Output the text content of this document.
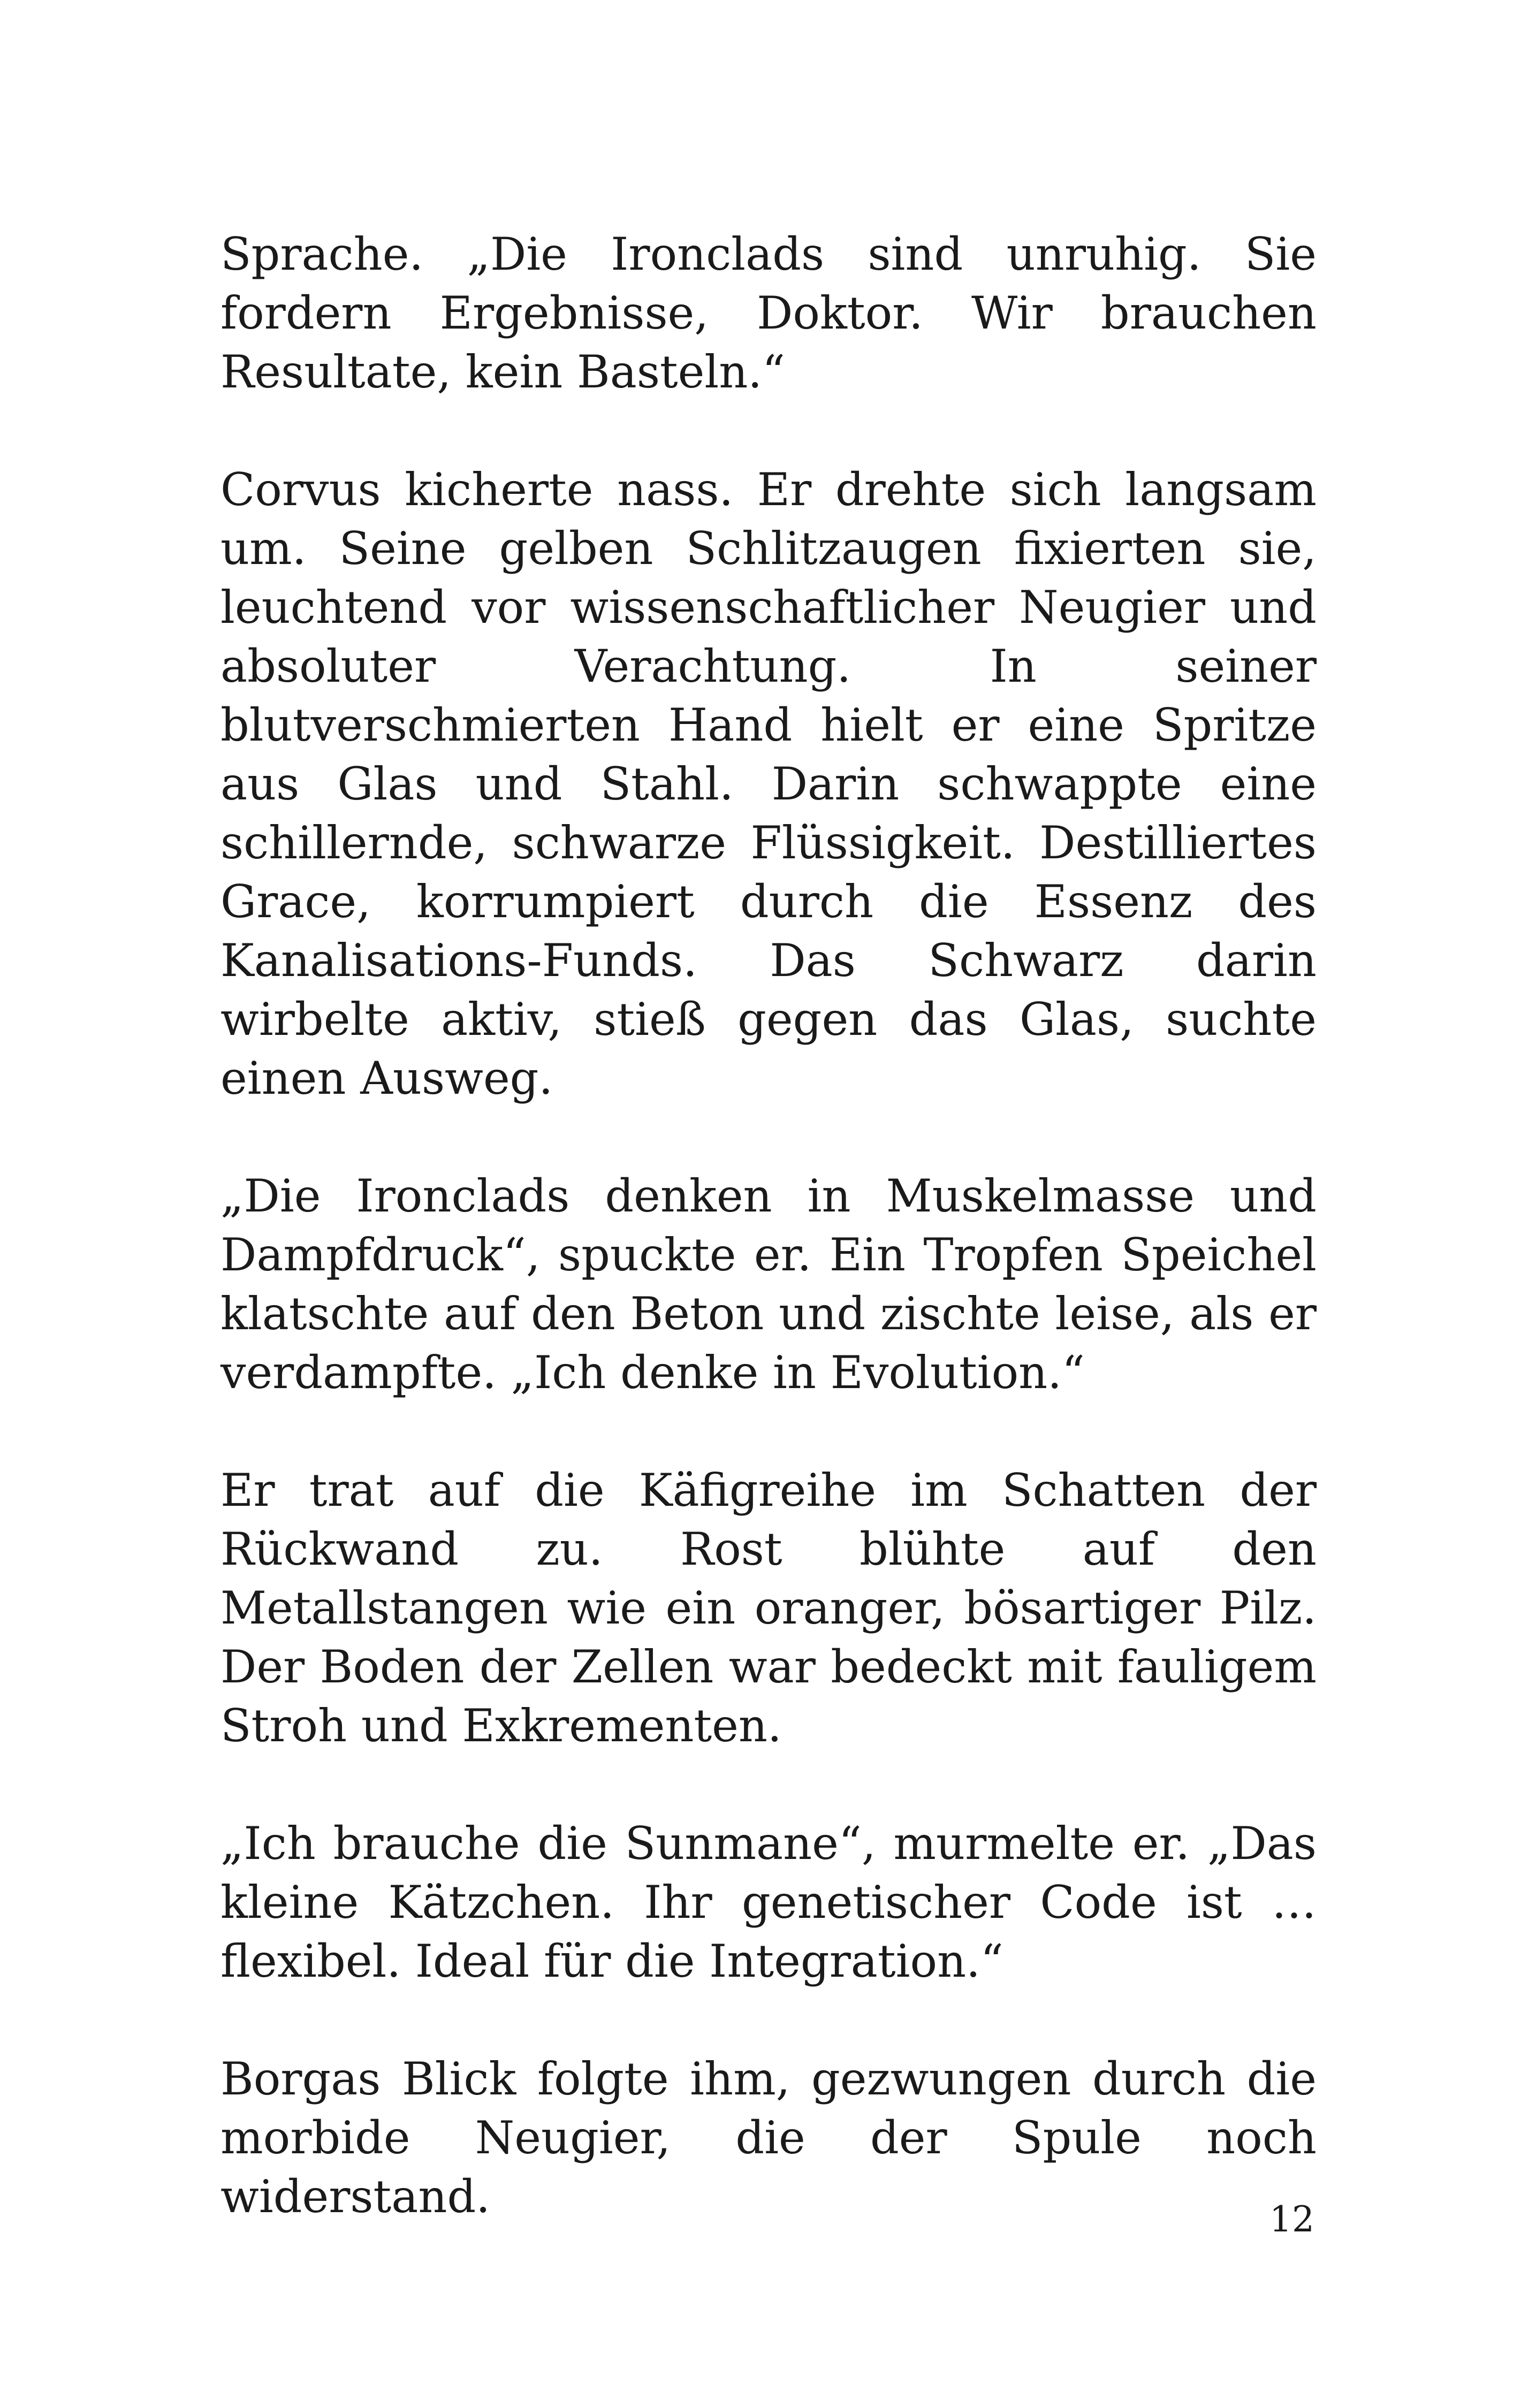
Sprache. „Die Ironclads sind unruhig. Sie fordern Ergebnisse, Doktor. Wir brauchen Resultate, kein Basteln.“

Corvus kicherte nass. Er drehte sich langsam um. Seine gelben Schlitzaugen fixierten sie, leuchtend vor wissenschaftlicher Neugier und absoluter Verachtung. In seiner blutverschmierten Hand hielt er eine Spritze aus Glas und Stahl. Darin schwappte eine schillernde, schwarze Flüssigkeit. Destilliertes Grace, korrumpiert durch die Essenz des Kanalisations-Funds. Das Schwarz darin wirbelte aktiv, stieß gegen das Glas, suchte einen Ausweg.

„Die Ironclads denken in Muskelmasse und Dampfdruck“, spuckte er. Ein Tropfen Speichel klatschte auf den Beton und zischte leise, als er verdampfte. „Ich denke in Evolution.“

Er trat auf die Käfigreihe im Schatten der Rückwand zu. Rost blühte auf den Metallstangen wie ein oranger, bösartiger Pilz. Der Boden der Zellen war bedeckt mit fauligem Stroh und Exkrementen.

„Ich brauche die Sunmane“, murmelte er. „Das kleine Kätzchen. Ihr genetischer Code ist … flexibel. Ideal für die Integration.“

Borgas Blick folgte ihm, gezwungen durch die morbide Neugier, die der Spule noch widerstand.	12
